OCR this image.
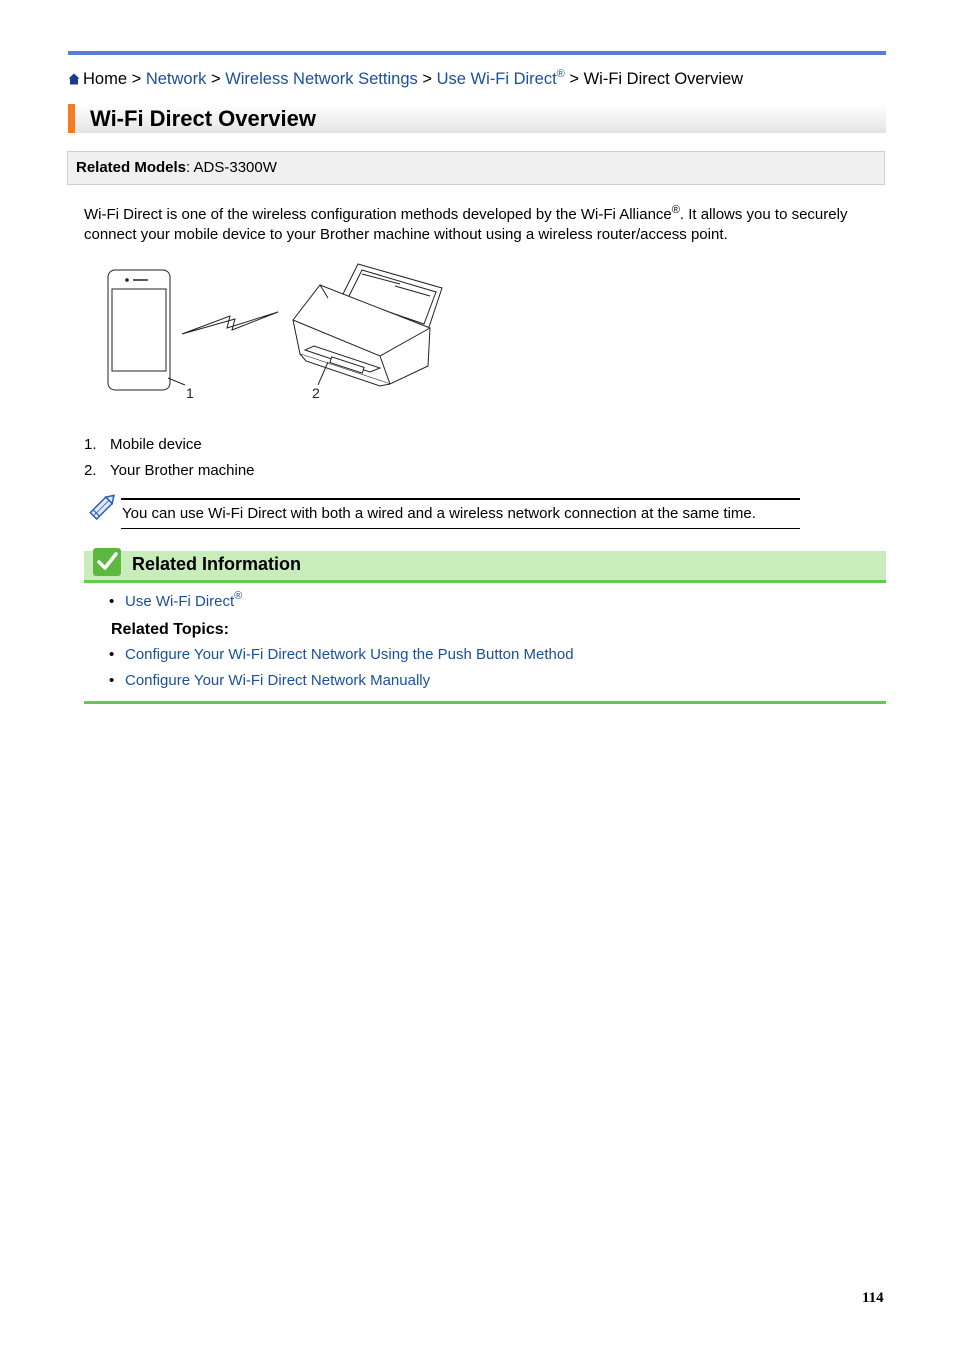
Home > Network > Wireless Network Settings > Use Wi-Fi Direct® > Wi-Fi Direct Overview
Wi-Fi Direct Overview
Related Models: ADS-3300W
Wi-Fi Direct is one of the wireless configuration methods developed by the Wi-Fi Alliance®. It allows you to securely connect your mobile device to your Brother machine without using a wireless router/access point.
1	2
1. Mobile device
2. Your Brother machine
You can use Wi-Fi Direct with both a wired and a wireless network connection at the same time.
Related Information
• Use Wi-Fi Direct®
Related Topics:
• Configure Your Wi-Fi Direct Network Using the Push Button Method
• Configure Your Wi-Fi Direct Network Manually
114
